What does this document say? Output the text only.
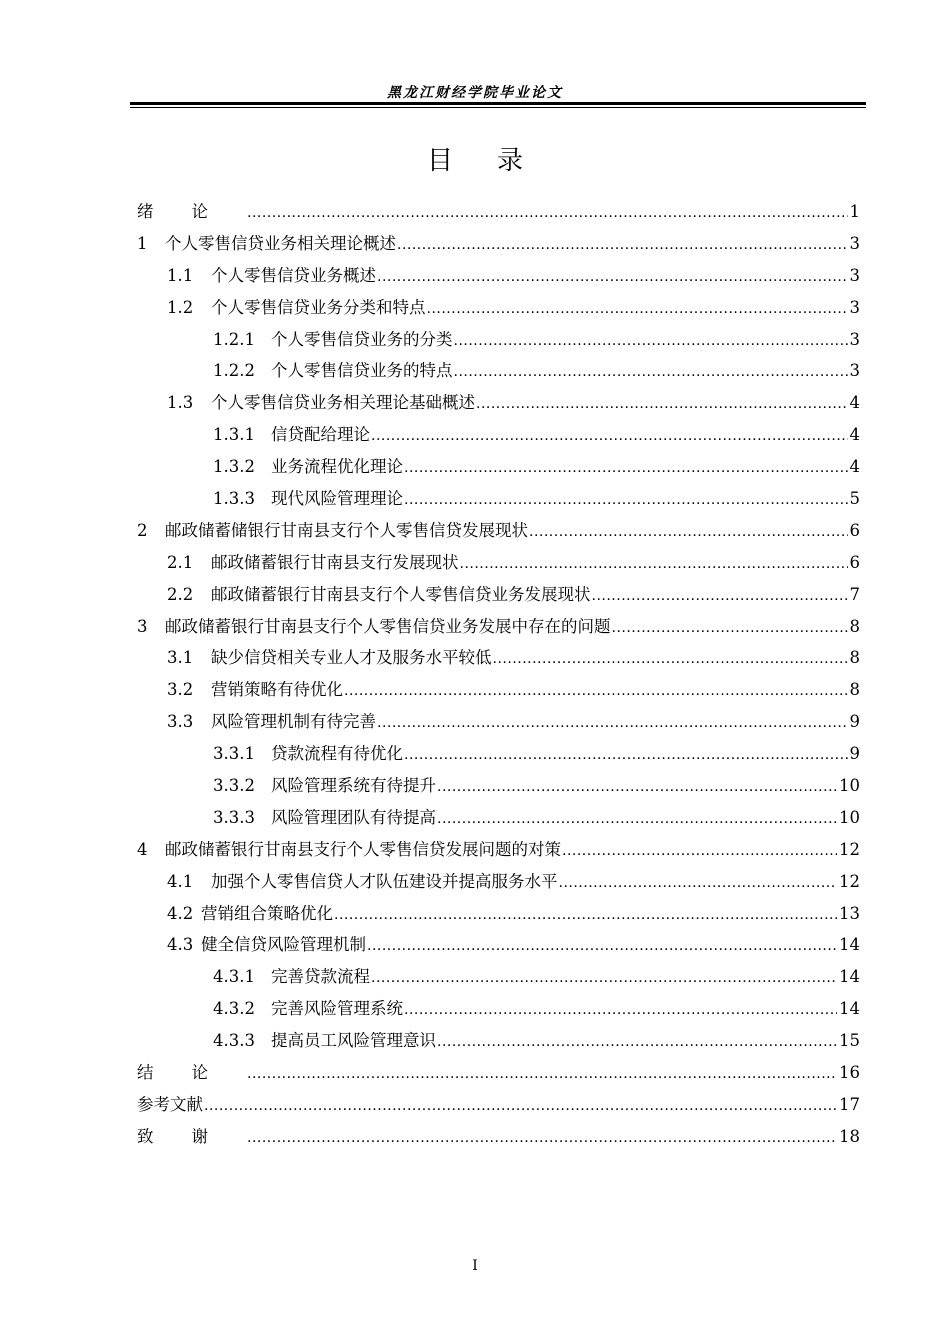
黑龙江财经学院毕业论文
目录
绪论 .....	1
1	个人零售信贷业务相关理论概述 .....	3
1.1	个人零售信贷业务概述 .....	3
1.2	个人零售信贷业务分类和特点 .....	3
1.2.1 个人零售信贷业务的分类 .....	3
1.2.2 个人零售信贷业务的特点 .....	3
1.3	个人零售信贷业务相关理论基础概述 .....	4
1.3.1 信贷配给理论 .....	4
1.3.2 业务流程优化理论 .....	4
1.3.3 现代风险管理理论 .....	5
2	邮政储蓄储银行甘南县支行个人零售信贷发展现状 .....	6
2.1	邮政储蓄银行甘南县支行发展现状 .....	6
2.2	邮政储蓄银行甘南县支行个人零售信贷业务发展现状 .....	7
3	邮政储蓄银行甘南县支行个人零售信贷业务发展中存在的问题 .....	8
3.1	缺少信贷相关专业人才及服务水平较低 .....	8
3.2	营销策略有待优化 .....	8
3.3	风险管理机制有待完善 .....	9
3.3.1 贷款流程有待优化 .....	9
3.3.2 风险管理系统有待提升 .....	10
3.3.3 风险管理团队有待提高 .....	10
4	邮政储蓄银行甘南县支行个人零售信贷发展问题的对策 .....	12
4.1	加强个人零售信贷人才队伍建设并提高服务水平 .....	12
4.2 营销组合策略优化 .....	13
4.3 健全信贷风险管理机制 .....	14
4.3.1 完善贷款流程 .....	14
4.3.2 完善风险管理系统 .....	14
4.3.3 提高员工风险管理意识 .....	15
结论 .....	16
参考文献 .....	17
致谢 .....	18
I
